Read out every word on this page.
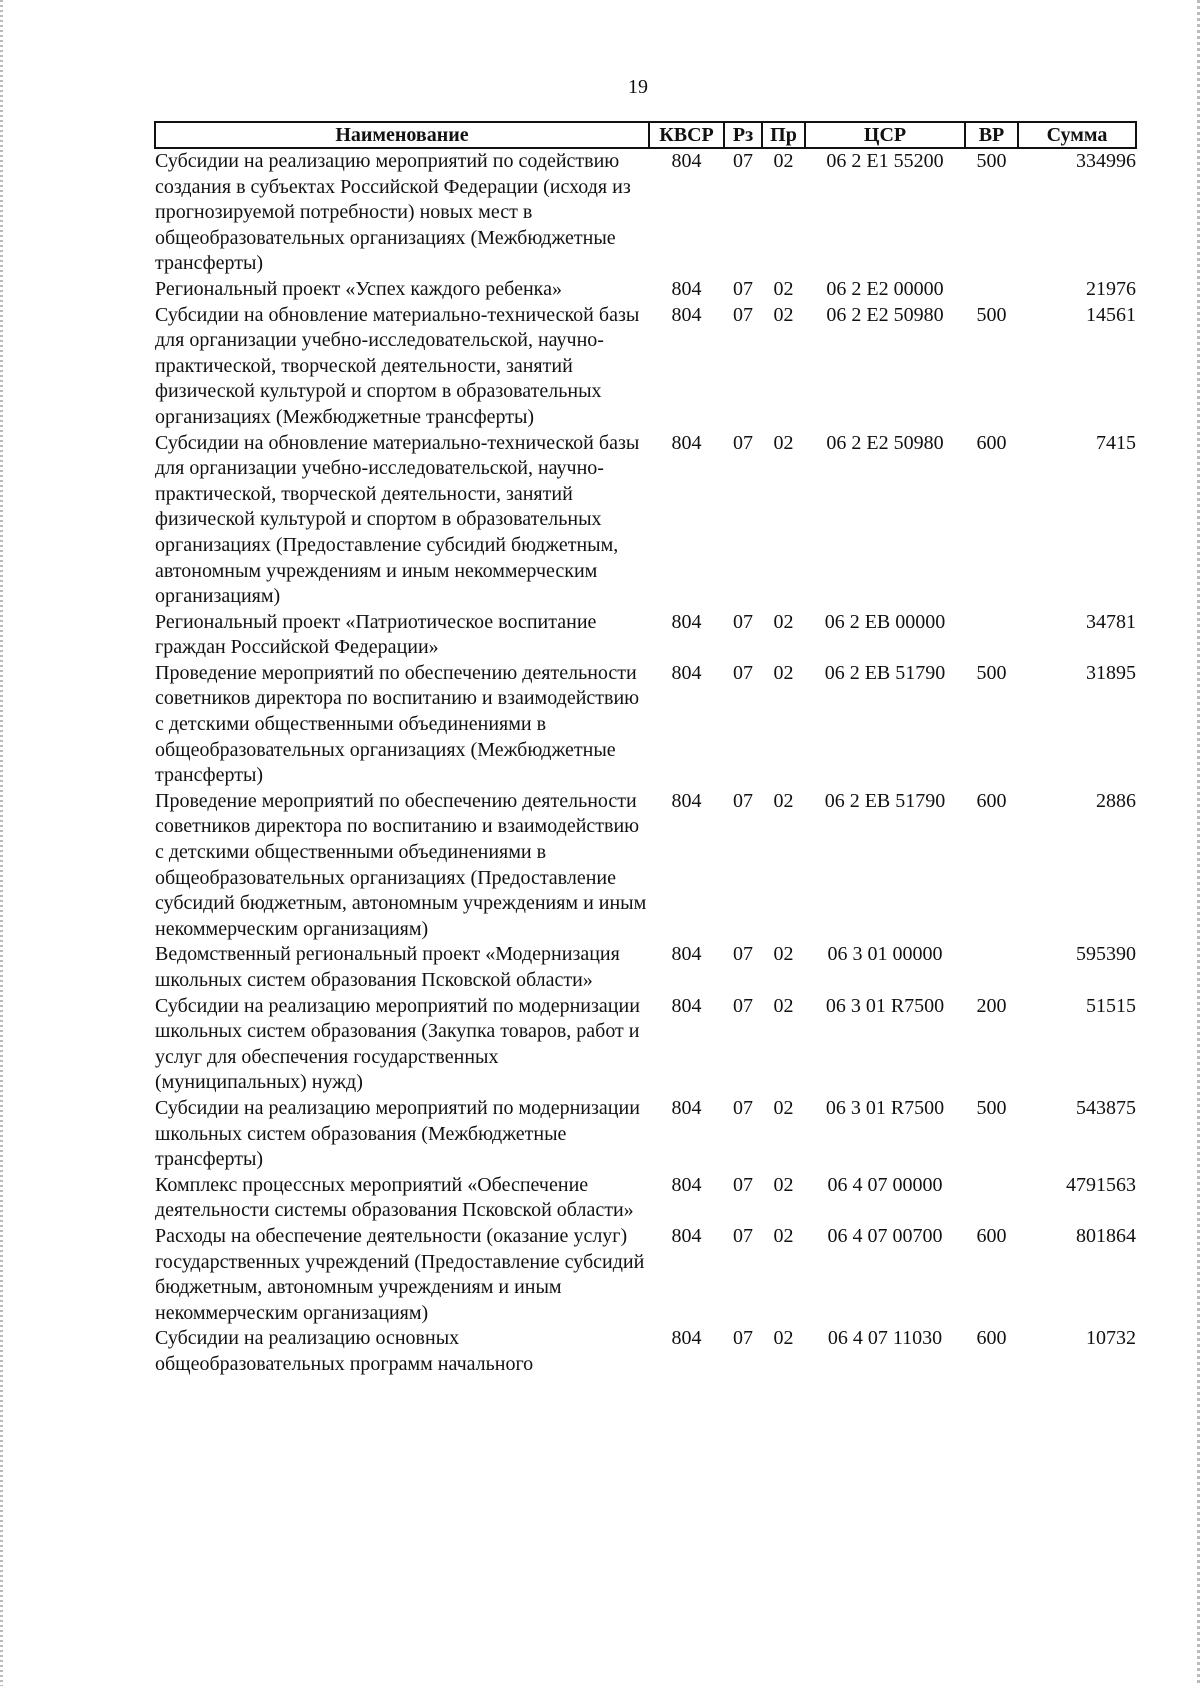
19
Наименование	КВСР	Рз	Пр	ЦСР	ВР	Сумма
Субсидии на реализацию мероприятий по содействию создания в субъектах Российской Федерации (исходя из прогнозируемой потребности) новых мест в общеобразовательных организациях (Межбюджетные трансферты)	804	07	02	06 2 E1 55200	500	334996
Региональный проект «Успех каждого ребенка»	804	07	02	06 2 E2 00000		21976
Субсидии на обновление материально-технической базы для организации учебно-исследовательской, научно-практической, творческой деятельности, занятий физической культурой и спортом в образовательных организациях (Межбюджетные трансферты)	804	07	02	06 2 E2 50980	500	14561
Субсидии на обновление материально-технической базы для организации учебно-исследовательской, научно-практической, творческой деятельности, занятий физической культурой и спортом в образовательных организациях (Предоставление субсидий бюджетным, автономным учреждениям и иным некоммерческим организациям)	804	07	02	06 2 E2 50980	600	7415
Региональный проект «Патриотическое воспитание граждан Российской Федерации»	804	07	02	06 2 EB 00000		34781
Проведение мероприятий по обеспечению деятельности советников директора по воспитанию и взаимодействию с детскими общественными объединениями в общеобразовательных организациях (Межбюджетные трансферты)	804	07	02	06 2 EB 51790	500	31895
Проведение мероприятий по обеспечению деятельности советников директора по воспитанию и взаимодействию с детскими общественными объединениями в общеобразовательных организациях (Предоставление субсидий бюджетным, автономным учреждениям и иным некоммерческим организациям)	804	07	02	06 2 EB 51790	600	2886
Ведомственный региональный проект «Модернизация школьных систем образования Псковской области»	804	07	02	06 3 01 00000		595390
Субсидии на реализацию мероприятий по модернизации школьных систем образования (Закупка товаров, работ и услуг для обеспечения государственных (муниципальных) нужд)	804	07	02	06 3 01 R7500	200	51515
Субсидии на реализацию мероприятий по модернизации школьных систем образования (Межбюджетные трансферты)	804	07	02	06 3 01 R7500	500	543875
Комплекс процессных мероприятий «Обеспечение деятельности системы образования Псковской области»	804	07	02	06 4 07 00000		4791563
Расходы на обеспечение деятельности (оказание услуг) государственных учреждений (Предоставление субсидий бюджетным, автономным учреждениям и иным некоммерческим организациям)	804	07	02	06 4 07 00700	600	801864
Субсидии на реализацию основных общеобразовательных программ начального	804	07	02	06 4 07 11030	600	10732
